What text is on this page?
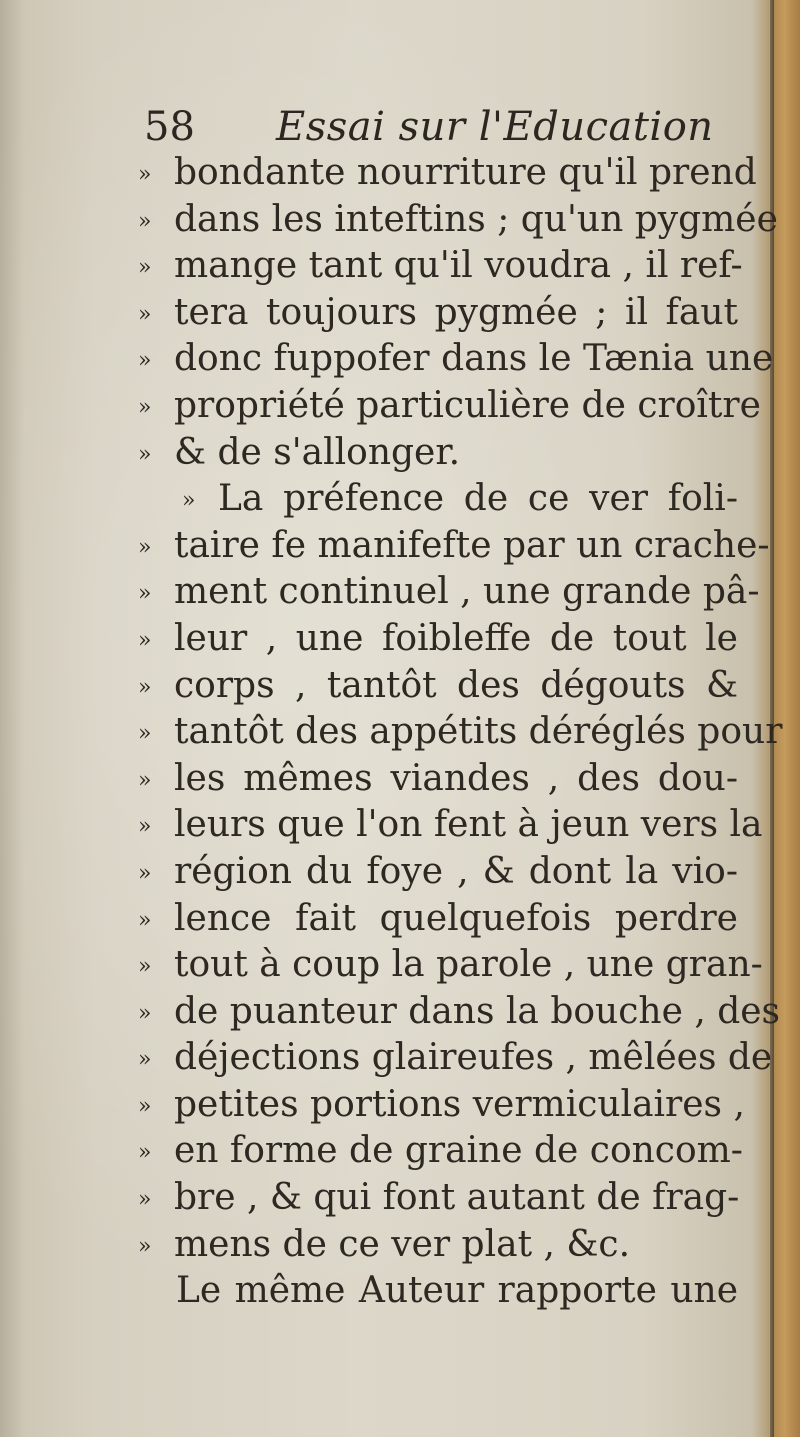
58 Essai sur l'Education
» bondante nourriture qu'il prend
» dans les inteftins ; qu'un pygmée
» mange tant qu'il voudra , il ref-
» tera toujours pygmée ; il faut
» donc fuppofer dans le Tænia une
» propriété particulière de croître
» & de s'allonger.
» La préfence de ce ver foli-
» taire fe manifefte par un crache-
» ment continuel , une grande pâ-
» leur , une foibleffe de tout le
» corps , tantôt des dégouts &
» tantôt des appétits déréglés pour
» les mêmes viandes , des dou-
» leurs que l'on fent à jeun vers la
» région du foye , & dont la vio-
» lence fait quelquefois perdre
» tout à coup la parole , une gran-
» de puanteur dans la bouche , des
» déjections glaireufes , mêlées de
» petites portions vermiculaires ,
» en forme de graine de concom-
» bre , & qui font autant de frag-
» mens de ce ver plat , &c.
Le même Auteur rapporte une
